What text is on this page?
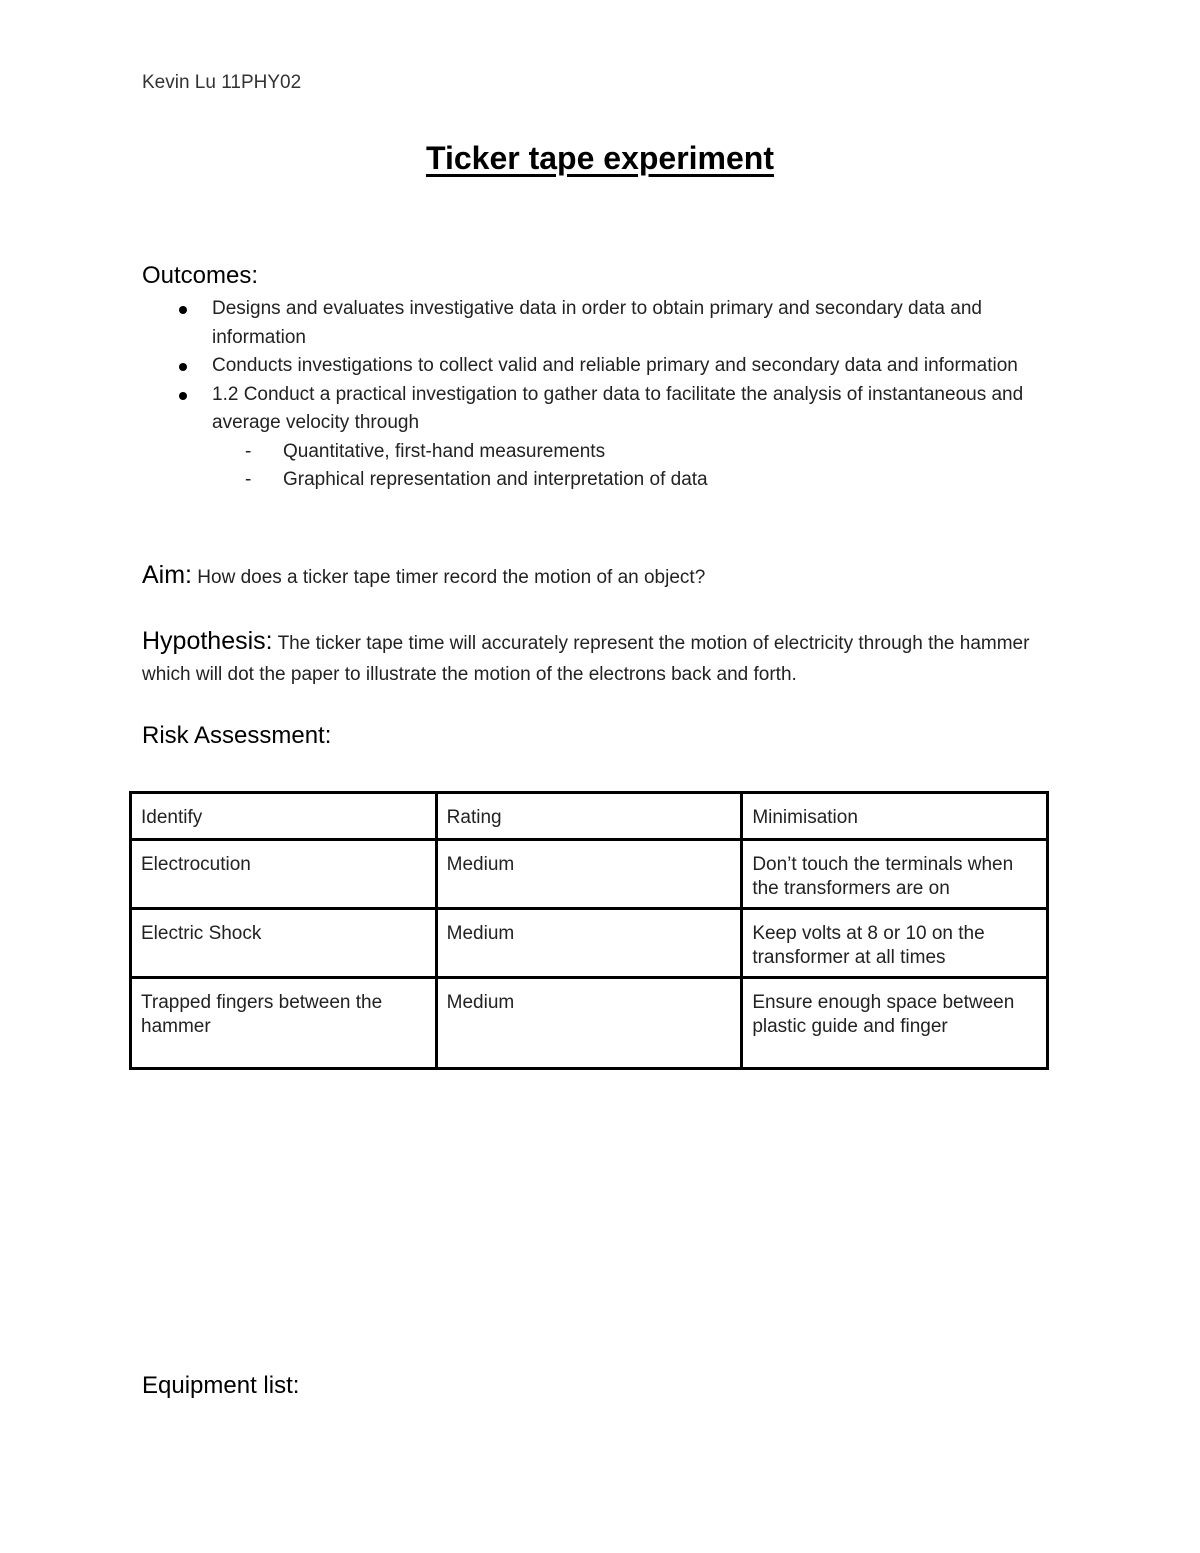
Kevin Lu 11PHY02
Ticker tape experiment
Outcomes:
Designs and evaluates investigative data in order to obtain primary and secondary data and information
Conducts investigations to collect valid and reliable primary and secondary data and information
1.2 Conduct a practical investigation to gather data to facilitate the analysis of instantaneous and average velocity through
- Quantitative, first-hand measurements
- Graphical representation and interpretation of data
Aim: How does a ticker tape timer record the motion of an object?
Hypothesis: The ticker tape time will accurately represent the motion of electricity through the hammer which will dot the paper to illustrate the motion of the electrons back and forth.
Risk Assessment:
Identify	Rating	Minimisation
Electrocution	Medium	Don’t touch the terminals when the transformers are on
Electric Shock	Medium	Keep volts at 8 or 10 on the transformer at all times
Trapped fingers between the hammer	Medium	Ensure enough space between plastic guide and finger
Equipment list:
